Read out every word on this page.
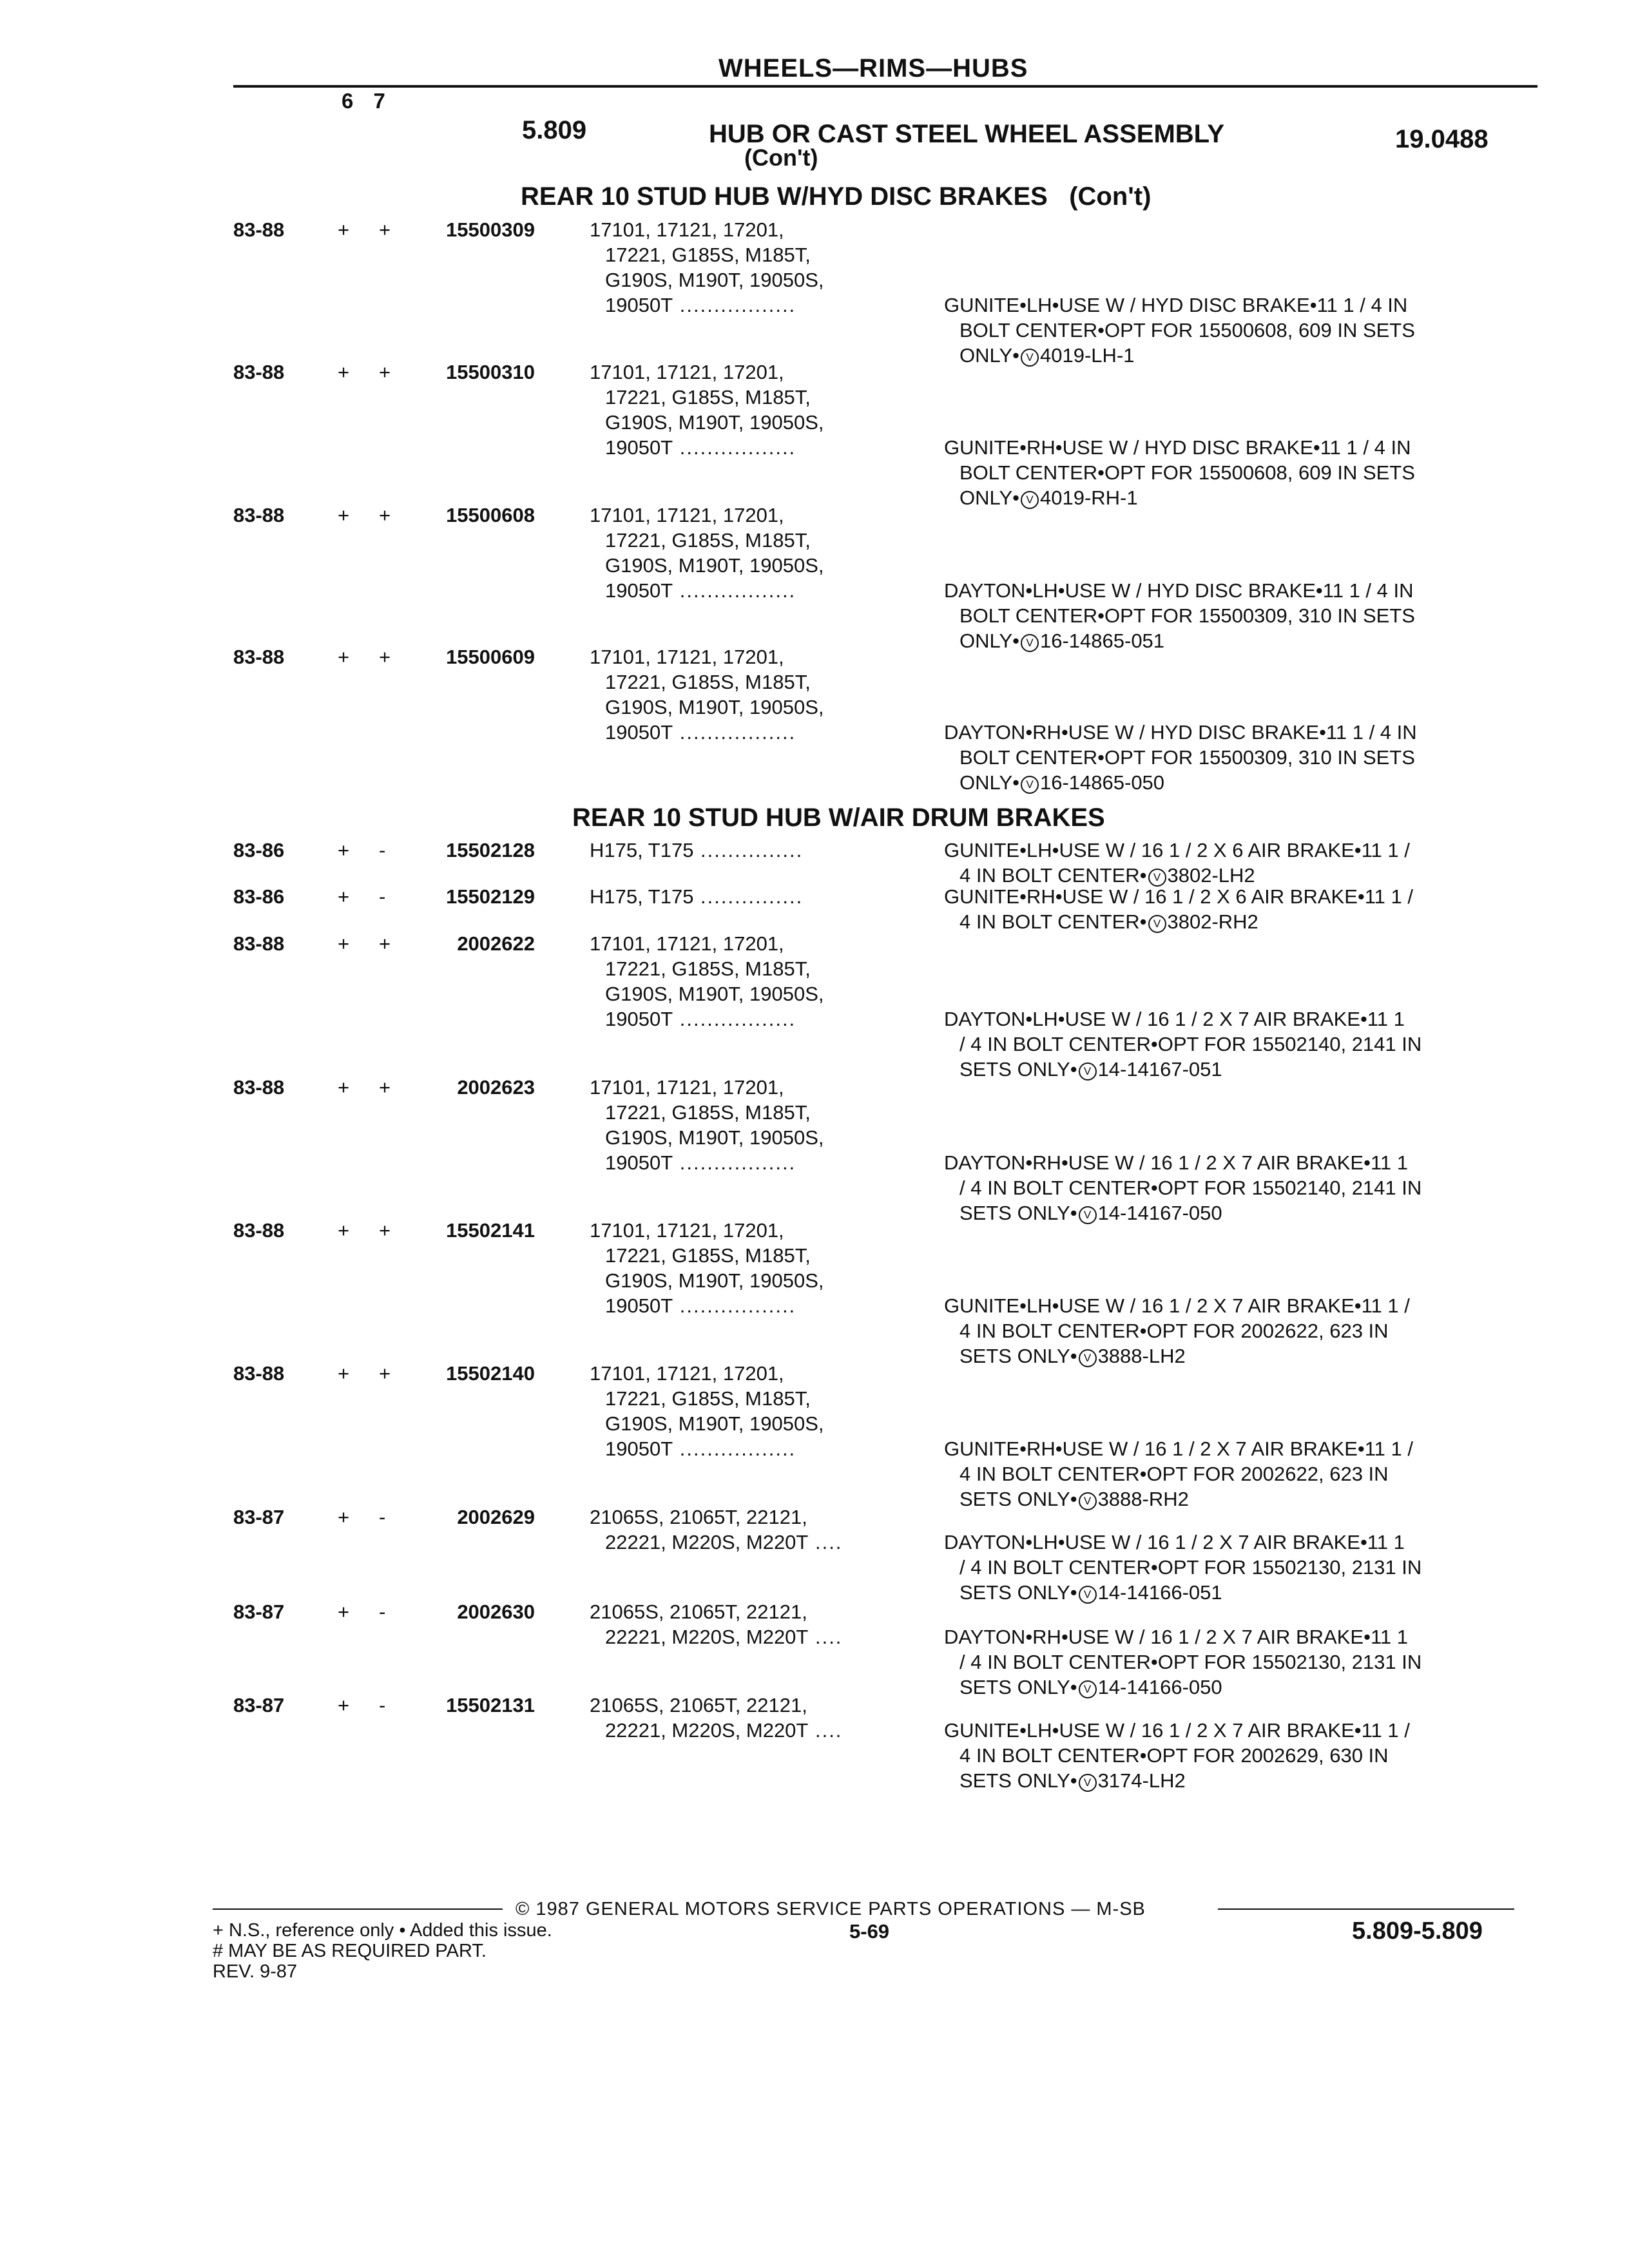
WHEELS—RIMS—HUBS
6 7
5.809	HUB OR CAST STEEL WHEEL ASSEMBLY
(Con't)
19.0488
REAR 10 STUD HUB W/HYD DISC BRAKES   (Con't)
REAR 10 STUD HUB W/AIR DRUM BRAKES
83-88	+ +	15500309	17101, 17121, 17201,
17221, G185S, M185T,
G190S, M190T, 19050S,
19050T .................	GUNITE•LH•USE W / HYD DISC BRAKE•11 1 / 4 IN
BOLT CENTER•OPT FOR 15500608, 609 IN SETS
ONLY• V 4019-LH-1
83-88	+ +	15500310	17101, 17121, 17201,
17221, G185S, M185T,
G190S, M190T, 19050S,
19050T .................	GUNITE•RH•USE W / HYD DISC BRAKE•11 1 / 4 IN
BOLT CENTER•OPT FOR 15500608, 609 IN SETS
ONLY• V 4019-RH-1
83-88	+ +	15500608	17101, 17121, 17201,
17221, G185S, M185T,
G190S, M190T, 19050S,
19050T .................	DAYTON•LH•USE W / HYD DISC BRAKE•11 1 / 4 IN
BOLT CENTER•OPT FOR 15500309, 310 IN SETS
ONLY• V 16-14865-051
83-88	+ +	15500609	17101, 17121, 17201,
17221, G185S, M185T,
G190S, M190T, 19050S,
19050T .................	DAYTON•RH•USE W / HYD DISC BRAKE•11 1 / 4 IN
BOLT CENTER•OPT FOR 15500309, 310 IN SETS
ONLY• V 16-14865-050
83-86	+ -	15502128	H175, T175 ...............	GUNITE•LH•USE W / 16 1 / 2 X 6 AIR BRAKE•11 1 /
4 IN BOLT CENTER• V 3802-LH2
83-86	+ -	15502129	H175, T175 ...............	GUNITE•RH•USE W / 16 1 / 2 X 6 AIR BRAKE•11 1 /
4 IN BOLT CENTER• V 3802-RH2
83-88	+ +	2002622	17101, 17121, 17201,
17221, G185S, M185T,
G190S, M190T, 19050S,
19050T .................	DAYTON•LH•USE W / 16 1 / 2 X 7 AIR BRAKE•11 1
/ 4 IN BOLT CENTER•OPT FOR 15502140, 2141 IN
SETS ONLY• V 14-14167-051
83-88	+ +	2002623	17101, 17121, 17201,
17221, G185S, M185T,
G190S, M190T, 19050S,
19050T .................	DAYTON•RH•USE W / 16 1 / 2 X 7 AIR BRAKE•11 1
/ 4 IN BOLT CENTER•OPT FOR 15502140, 2141 IN
SETS ONLY• V 14-14167-050
83-88	+ +	15502141	17101, 17121, 17201,
17221, G185S, M185T,
G190S, M190T, 19050S,
19050T .................	GUNITE•LH•USE W / 16 1 / 2 X 7 AIR BRAKE•11 1 /
4 IN BOLT CENTER•OPT FOR 2002622, 623 IN
SETS ONLY• V 3888-LH2
83-88	+ +	15502140	17101, 17121, 17201,
17221, G185S, M185T,
G190S, M190T, 19050S,
19050T .................	GUNITE•RH•USE W / 16 1 / 2 X 7 AIR BRAKE•11 1 /
4 IN BOLT CENTER•OPT FOR 2002622, 623 IN
SETS ONLY• V 3888-RH2
83-87	+ -	2002629	21065S, 21065T, 22121,
22221, M220S, M220T ....	DAYTON•LH•USE W / 16 1 / 2 X 7 AIR BRAKE•11 1
/ 4 IN BOLT CENTER•OPT FOR 15502130, 2131 IN
SETS ONLY• V 14-14166-051
83-87	+ -	2002630	21065S, 21065T, 22121,
22221, M220S, M220T ....	DAYTON•RH•USE W / 16 1 / 2 X 7 AIR BRAKE•11 1
/ 4 IN BOLT CENTER•OPT FOR 15502130, 2131 IN
SETS ONLY• V 14-14166-050
83-87	+ -	15502131	21065S, 21065T, 22121,
22221, M220S, M220T ....	GUNITE•LH•USE W / 16 1 / 2 X 7 AIR BRAKE•11 1 /
4 IN BOLT CENTER•OPT FOR 2002629, 630 IN
SETS ONLY• V 3174-LH2
© 1987 GENERAL MOTORS SERVICE PARTS OPERATIONS — M-SB
+ N.S., reference only • Added this issue.
# MAY BE AS REQUIRED PART.
REV. 9-87
5-69	5.809-5.809
